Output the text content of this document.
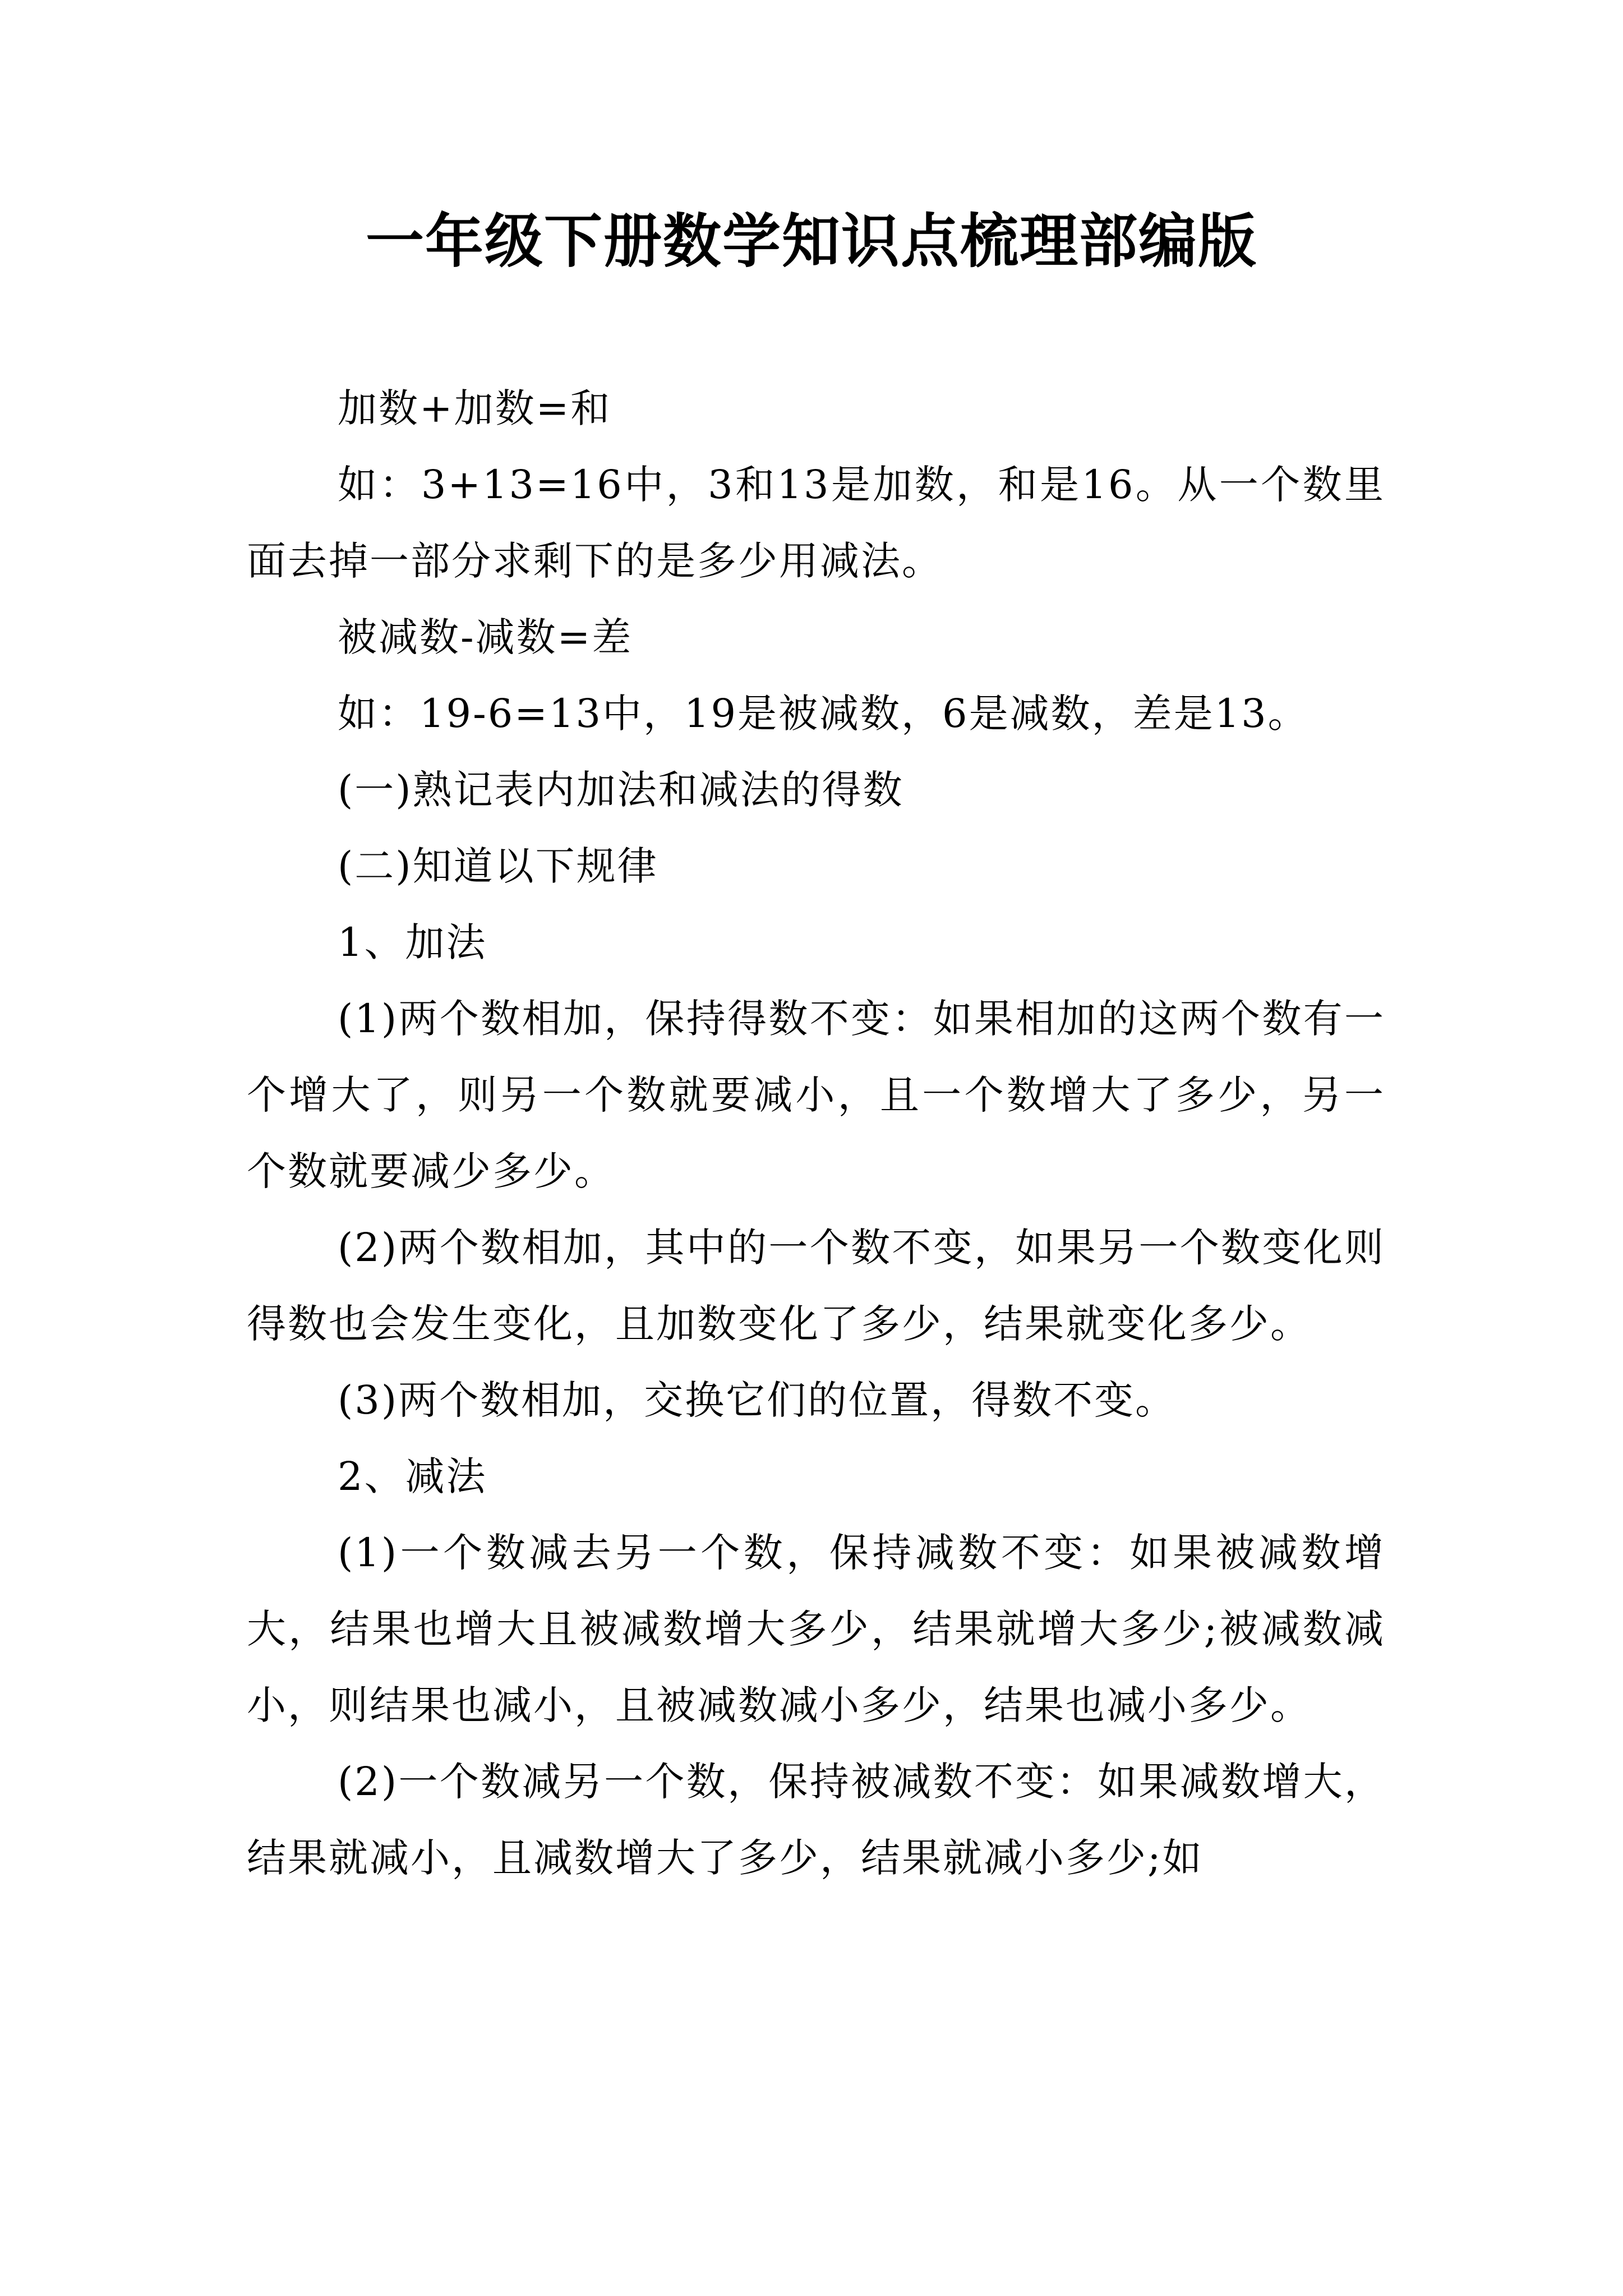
一年级下册数学知识点梳理部编版

加数+加数=和

如：3+13=16中，3和13是加数，和是16。从一个数里面去掉一部分求剩下的是多少用减法。

被减数-减数=差

如：19-6=13中，19是被减数，6是减数，差是13。

(一)熟记表内加法和减法的得数

(二)知道以下规律

1、加法

(1)两个数相加，保持得数不变：如果相加的这两个数有一个增大了，则另一个数就要减小，且一个数增大了多少，另一个数就要减少多少。

(2)两个数相加，其中的一个数不变，如果另一个数变化则得数也会发生变化，且加数变化了多少，结果就变化多少。

(3)两个数相加，交换它们的位置，得数不变。

2、减法

(1)一个数减去另一个数，保持减数不变：如果被减数增大，结果也增大且被减数增大多少，结果就增大多少;被减数减小，则结果也减小，且被减数减小多少，结果也减小多少。

(2)一个数减另一个数，保持被减数不变：如果减数增大，结果就减小，且减数增大了多少，结果就减小多少;如
